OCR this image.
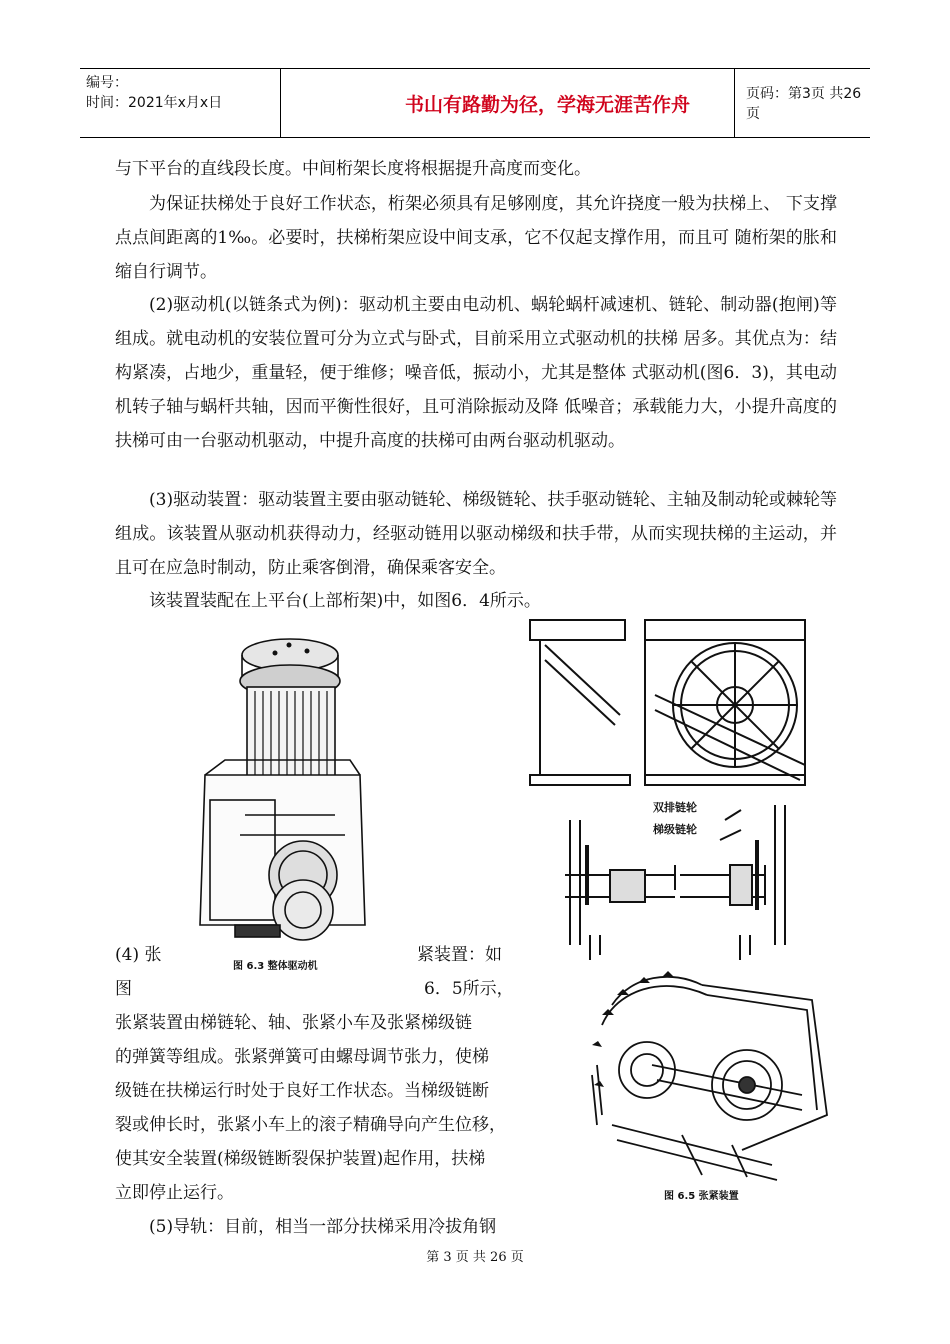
编号：
时间：2021年x月x日	书山有路勤为径，学海无涯苦作舟	页码：第3页 共26页
与下平台的直线段长度。中间桁架长度将根据提升高度而变化。

为保证扶梯处于良好工作状态，桁架必须具有足够刚度，其允许挠度一般为扶梯上、 下支撑点点间距离的1‰。必要时，扶梯桁架应设中间支承，它不仅起支撑作用，而且可 随桁架的胀和缩自行调节。

(2)驱动机(以链条式为例)：驱动机主要由电动机、蜗轮蜗杆减速机、链轮、制动器(抱闸)等组成。就电动机的安装位置可分为立式与卧式，目前采用立式驱动机的扶梯 居多。其优点为：结构紧凑，占地少，重量轻，便于维修；噪音低，振动小，尤其是整体 式驱动机(图6．3)，其电动机转子轴与蜗杆共轴，因而平衡性很好，且可消除振动及降 低噪音；承载能力大，小提升高度的扶梯可由一台驱动机驱动，中提升高度的扶梯可由两台驱动机驱动。

(3)驱动装置：驱动装置主要由驱动链轮、梯级链轮、扶手驱动链轮、主轴及制动轮或棘轮等组成。该装置从驱动机获得动力，经驱动链用以驱动梯级和扶手带，从而实现扶梯的主运动，并且可在应急时制动，防止乘客倒滑，确保乘客安全。

该装置装配在上平台(上部桁架)中，如图6．4所示。
(4) 张	紧装置：如
图	6．5所示，
张紧装置由梯链轮、轴、张紧小车及张紧梯级链
的弹簧等组成。张紧弹簧可由螺母调节张力，使梯
级链在扶梯运行时处于良好工作状态。当梯级链断
裂或伸长时，张紧小车上的滚子精确导向产生位移，
使其安全装置(梯级链断裂保护装置)起作用，扶梯
立即停止运行。
(5)导轨：目前，相当一部分扶梯采用冷拔角钢
图 6.3 整体驱动机
双排链轮
梯级链轮
图 6.5 张紧装置
第 3 页 共 26 页
